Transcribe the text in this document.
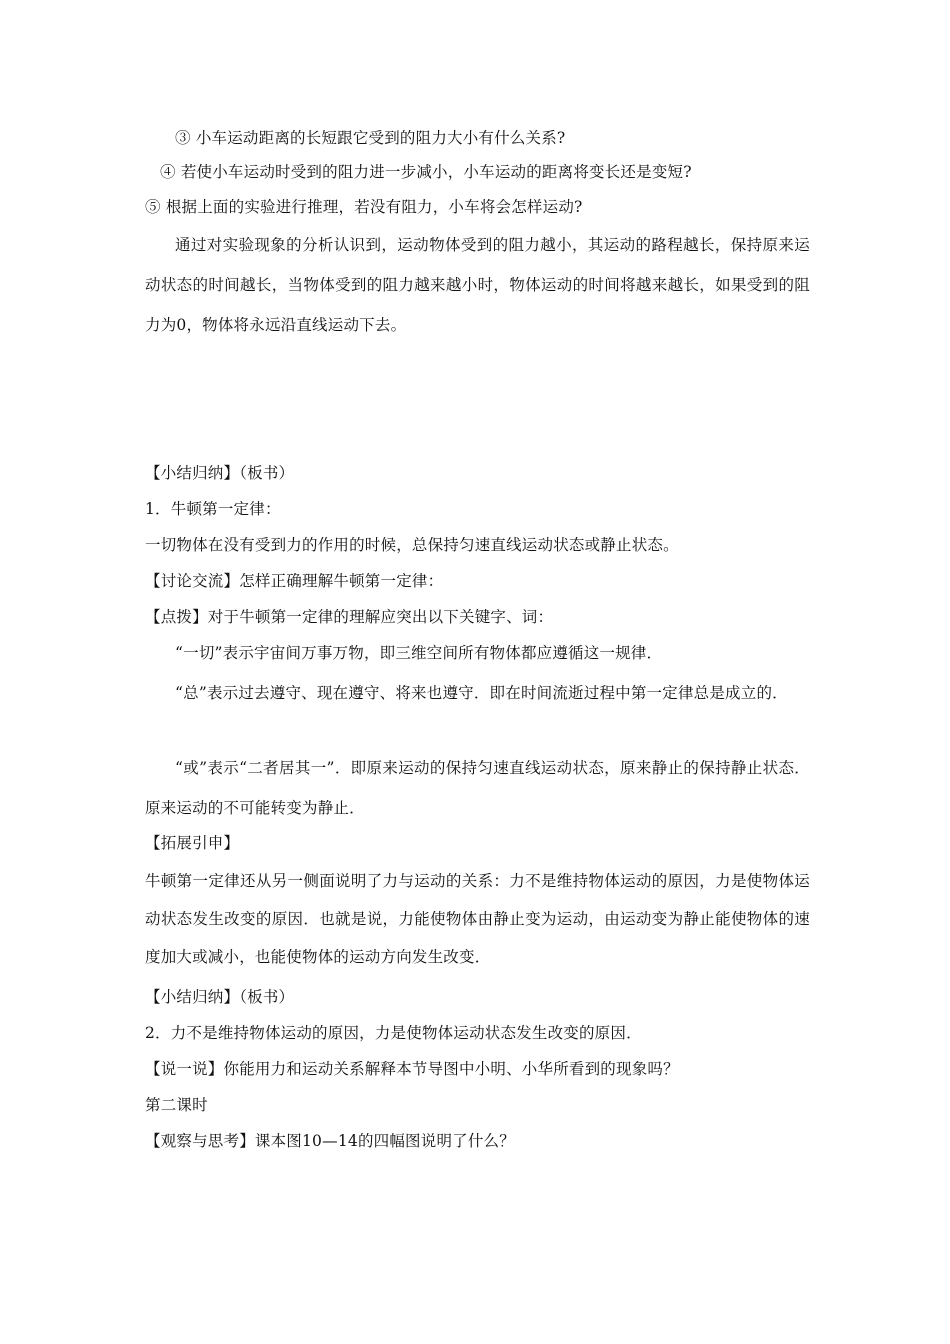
③ 小车运动距离的长短跟它受到的阻力大小有什么关系?
④ 若使小车运动时受到的阻力进一步减小，小车运动的距离将变长还是变短?
⑤ 根据上面的实验进行推理，若没有阻力，小车将会怎样运动?
通过对实验现象的分析认识到，运动物体受到的阻力越小，其运动的路程越长，保持原来运动状态的时间越长，当物体受到的阻力越来越小时，物体运动的时间将越来越长，如果受到的阻力为0，物体将永远沿直线运动下去。
【小结归纳】（板书）
1．牛顿第一定律：
一切物体在没有受到力的作用的时候，总保持匀速直线运动状态或静止状态。
【讨论交流】怎样正确理解牛顿第一定律：
【点拨】对于牛顿第一定律的理解应突出以下关键字、词：
“一切”表示宇宙间万事万物，即三维空间所有物体都应遵循这一规律．
“总”表示过去遵守、现在遵守、将来也遵守．即在时间流逝过程中第一定律总是成立的．
“或”表示“二者居其一”．即原来运动的保持匀速直线运动状态，原来静止的保持静止状态．原来运动的不可能转变为静止．
【拓展引申】
牛顿第一定律还从另一侧面说明了力与运动的关系：力不是维持物体运动的原因，力是使物体运动状态发生改变的原因．也就是说，力能使物体由静止变为运动，由运动变为静止能使物体的速度加大或减小，也能使物体的运动方向发生改变．
【小结归纳】（板书）
2．力不是维持物体运动的原因，力是使物体运动状态发生改变的原因．
【说一说】你能用力和运动关系解释本节导图中小明、小华所看到的现象吗？
第二课时
【观察与思考】课本图10—14的四幅图说明了什么？
